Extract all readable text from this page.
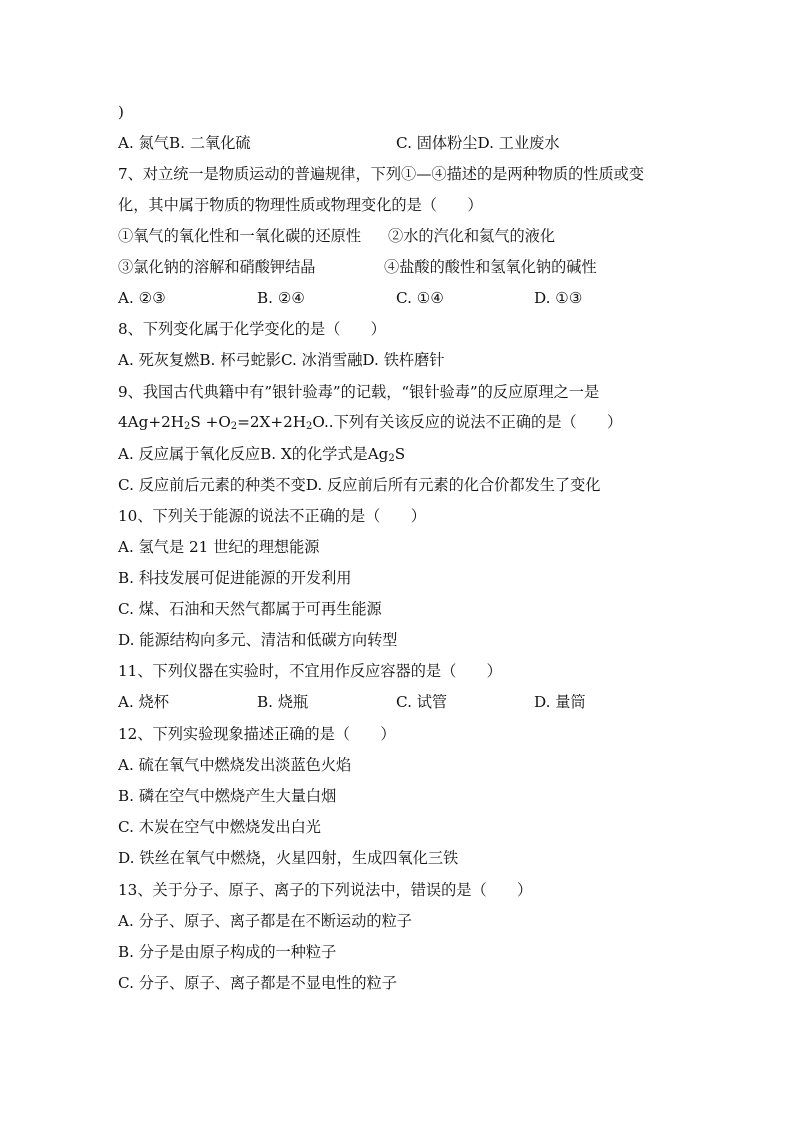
)
A. 氮气B. 二氧化硫	C. 固体粉尘D. 工业废水
7、对立统一是物质运动的普遍规律，下列①—④描述的是两种物质的性质或变
化，其中属于物质的物理性质或物理变化的是（　　）
①氧气的氧化性和一氧化碳的还原性 ②水的汽化和氦气的液化
③氯化钠的溶解和硝酸钾结晶	④盐酸的酸性和氢氧化钠的碱性
A. ②③	B. ②④	C. ①④	D. ①③
8、下列变化属于化学变化的是（　　）
A. 死灰复燃B. 杯弓蛇影C. 冰消雪融D. 铁杵磨针
9、我国古代典籍中有”银针验毒”的记载，“银针验毒”的反应原理之一是
$4Ag+2H_2S +O_2=2X+2H_2O$..下列有关该反应的说法不正确的是（　　）
A. 反应属于氧化反应B. X的化学式是$Ag_2S$
C. 反应前后元素的种类不变D. 反应前后所有元素的化合价都发生了变化
10、下列关于能源的说法不正确的是（　　）
A. 氢气是 21 世纪的理想能源
B. 科技发展可促进能源的开发利用
C. 煤、石油和天然气都属于可再生能源
D. 能源结构向多元、清洁和低碳方向转型
11、下列仪器在实验时，不宜用作反应容器的是（　　）
A. 烧杯	B. 烧瓶	C. 试管	D. 量筒
12、下列实验现象描述正确的是（　　）
A. 硫在氧气中燃烧发出淡蓝色火焰
B. 磷在空气中燃烧产生大量白烟
C. 木炭在空气中燃烧发出白光
D. 铁丝在氧气中燃烧，火星四射，生成四氧化三铁
13、关于分子、原子、离子的下列说法中，错误的是（　　）
A. 分子、原子、离子都是在不断运动的粒子
B. 分子是由原子构成的一种粒子
C. 分子、原子、离子都是不显电性的粒子
